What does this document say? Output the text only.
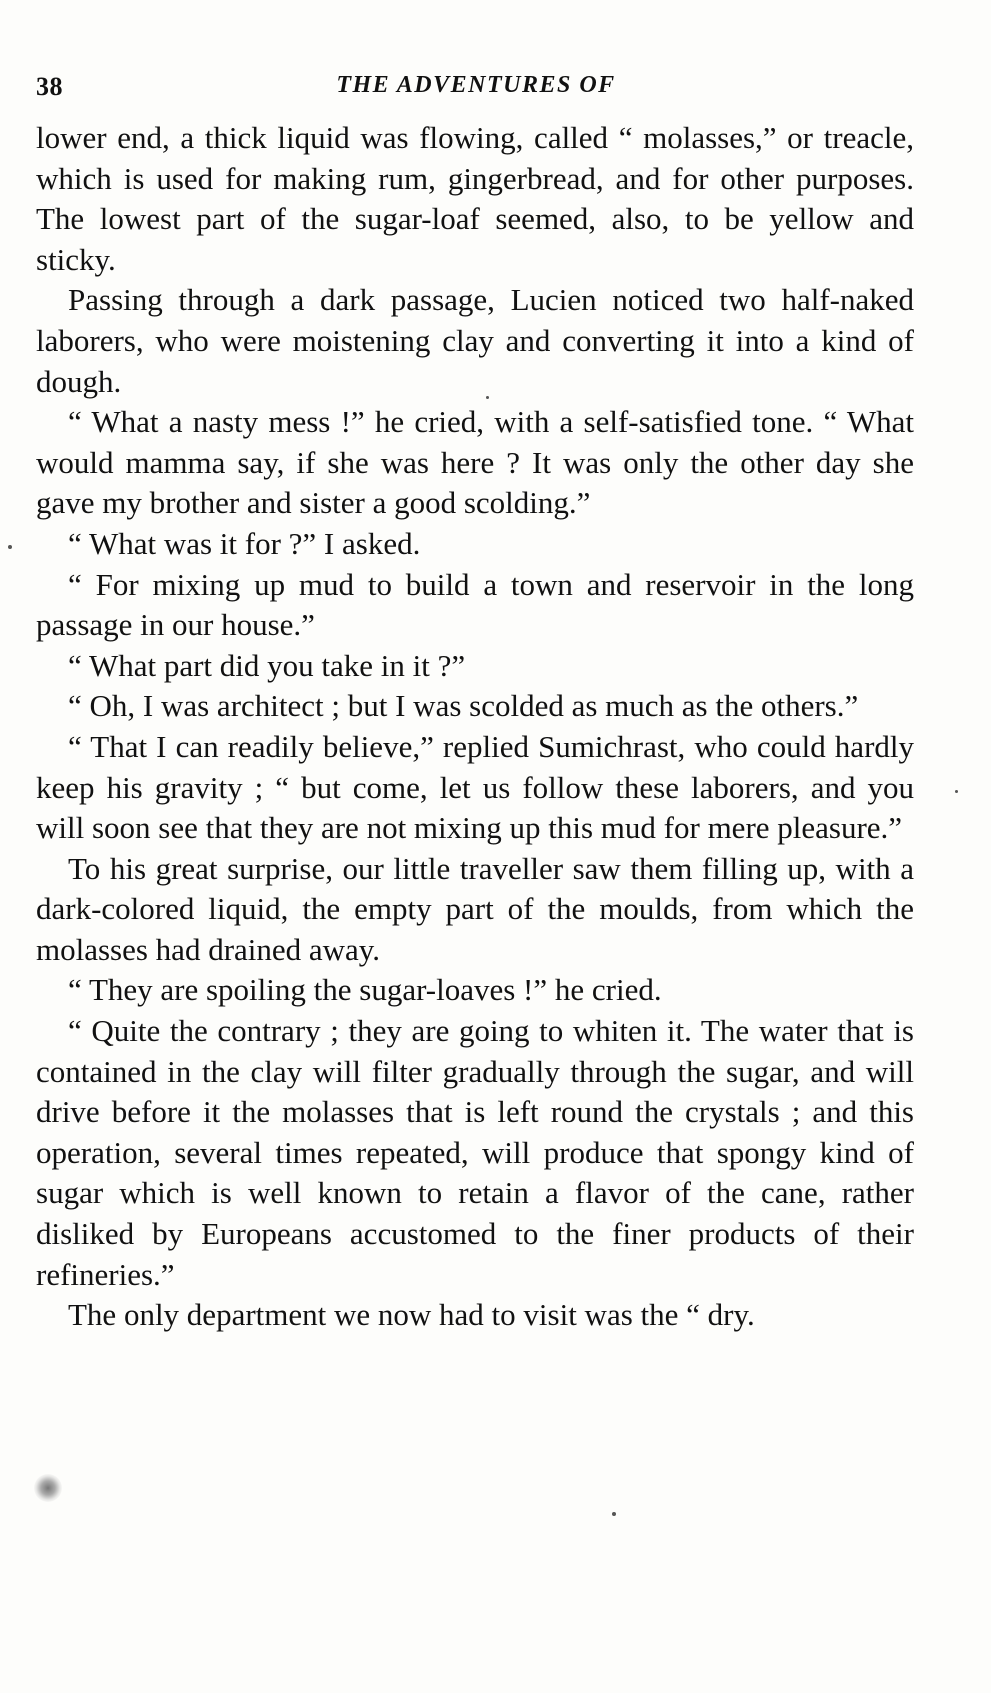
38	THE ADVENTURES OF

lower end, a thick liquid was flowing, called “ molasses,” or treacle, which is used for making rum, gingerbread, and for other purposes. The lowest part of the sugar-loaf seemed, also, to be yellow and sticky.

Passing through a dark passage, Lucien noticed two half-naked laborers, who were moistening clay and converting it into a kind of dough.

“ What a nasty mess !” he cried, with a self-satisfied tone. “ What would mamma say, if she was here ? It was only the other day she gave my brother and sister a good scolding.”

“ What was it for ?” I asked.

“ For mixing up mud to build a town and reservoir in the long passage in our house.”

“ What part did you take in it ?”

“ Oh, I was architect ; but I was scolded as much as the others.”

“ That I can readily believe,” replied Sumichrast, who could hardly keep his gravity ; “ but come, let us follow these laborers, and you will soon see that they are not mixing up this mud for mere pleasure.”

To his great surprise, our little traveller saw them filling up, with a dark-colored liquid, the empty part of the moulds, from which the molasses had drained away.

“ They are spoiling the sugar-loaves !” he cried.

“ Quite the contrary ; they are going to whiten it. The water that is contained in the clay will filter gradually through the sugar, and will drive before it the molasses that is left round the crystals ; and this operation, several times repeated, will produce that spongy kind of sugar which is well known to retain a flavor of the cane, rather disliked by Europeans accustomed to the finer products of their refineries.”

The only department we now had to visit was the “ dry.
